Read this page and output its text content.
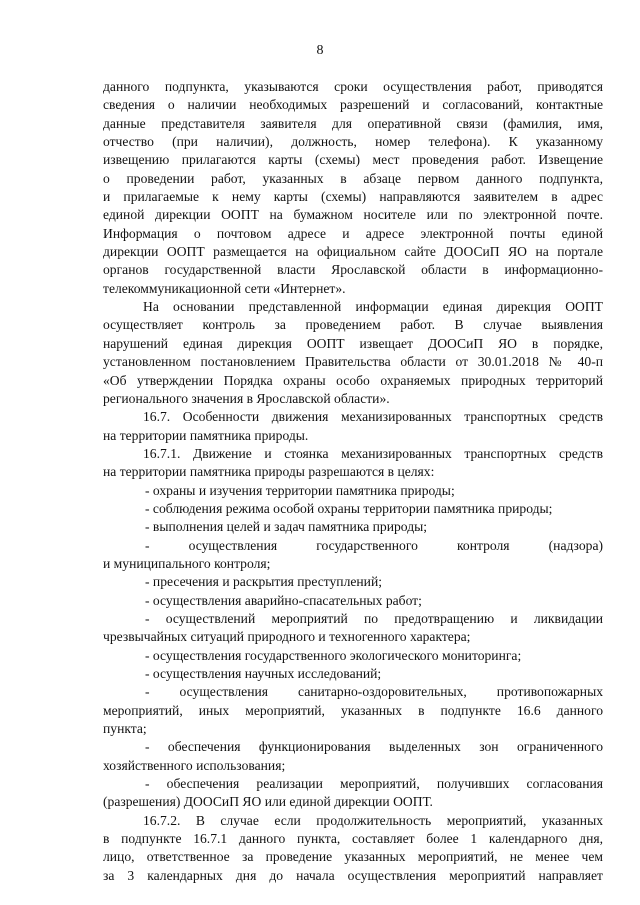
8
данного подпункта, указываются сроки осуществления работ, приводятся
сведения о наличии необходимых разрешений и согласований, контактные
данные представителя заявителя для оперативной связи (фамилия, имя,
отчество (при наличии), должность, номер телефона). К указанному
извещению прилагаются карты (схемы) мест проведения работ. Извещение
о проведении работ, указанных в абзаце первом данного подпункта,
и прилагаемые к нему карты (схемы) направляются заявителем в адрес
единой дирекции ООПТ на бумажном носителе или по электронной почте.
Информация о почтовом адресе и адресе электронной почты единой
дирекции ООПТ размещается на официальном сайте ДООСиП ЯО на портале
органов государственной власти Ярославской области в информационно-
телекоммуникационной сети «Интернет».
На основании представленной информации единая дирекция ООПТ
осуществляет контроль за проведением работ. В случае выявления
нарушений единая дирекция ООПТ извещает ДООСиП ЯО в порядке,
установленном постановлением Правительства области от 30.01.2018 № 40-п
«Об утверждении Порядка охраны особо охраняемых природных территорий
регионального значения в Ярославской области».
16.7. Особенности движения механизированных транспортных средств
на территории памятника природы.
16.7.1. Движение и стоянка механизированных транспортных средств
на территории памятника природы разрешаются в целях:
- охраны и изучения территории памятника природы;
- соблюдения режима особой охраны территории памятника природы;
- выполнения целей и задач памятника природы;
- осуществления государственного контроля (надзора)
и муниципального контроля;
- пресечения и раскрытия преступлений;
- осуществления аварийно-спасательных работ;
- осуществлений мероприятий по предотвращению и ликвидации
чрезвычайных ситуаций природного и техногенного характера;
- осуществления государственного экологического мониторинга;
- осуществления научных исследований;
- осуществления санитарно-оздоровительных, противопожарных
мероприятий, иных мероприятий, указанных в подпункте 16.6 данного
пункта;
- обеспечения функционирования выделенных зон ограниченного
хозяйственного использования;
- обеспечения реализации мероприятий, получивших согласования
(разрешения) ДООСиП ЯО или единой дирекции ООПТ.
16.7.2. В случае если продолжительность мероприятий, указанных
в подпункте 16.7.1 данного пункта, составляет более 1 календарного дня,
лицо, ответственное за проведение указанных мероприятий, не менее чем
за 3 календарных дня до начала осуществления мероприятий направляет
